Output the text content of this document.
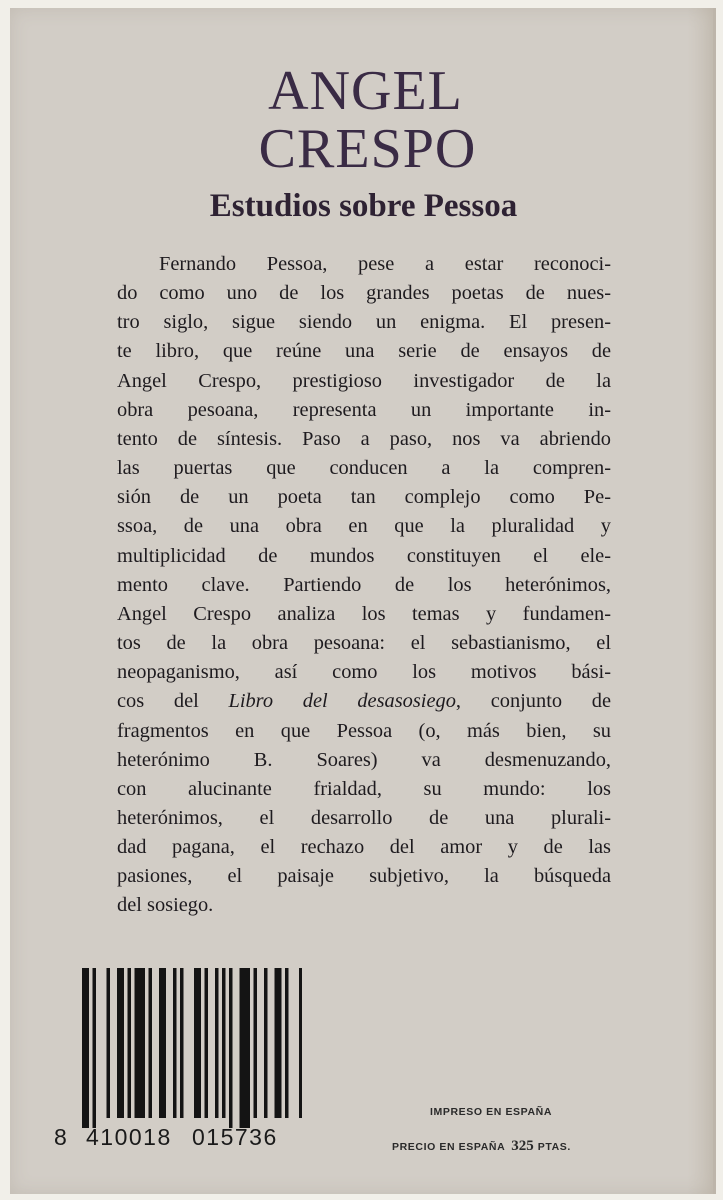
ANGEL
CRESPO
Estudios sobre Pessoa
Fernando Pessoa, pese a estar reconoci-
do como uno de los grandes poetas de nues-
tro siglo, sigue siendo un enigma. El presen-
te libro, que reúne una serie de ensayos de
Angel Crespo, prestigioso investigador de la
obra pesoana, representa un importante in-
tento de síntesis. Paso a paso, nos va abriendo
las puertas que conducen a la compren-
sión de un poeta tan complejo como Pe-
ssoa, de una obra en que la pluralidad y
multiplicidad de mundos constituyen el ele-
mento clave. Partiendo de los heterónimos,
Angel Crespo analiza los temas y fundamen-
tos de la obra pesoana: el sebastianismo, el
neopaganismo, así como los motivos bási-
cos del Libro del desasosiego, conjunto de
fragmentos en que Pessoa (o, más bien, su
heterónimo B. Soares) va desmenuzando,
con alucinante frialdad, su mundo: los
heterónimos, el desarrollo de una plurali-
dad pagana, el rechazo del amor y de las
pasiones, el paisaje subjetivo, la búsqueda
del sosiego.
8 410018 015736
IMPRESO EN ESPAÑA
PRECIO EN ESPAÑA 325 PTAS.
